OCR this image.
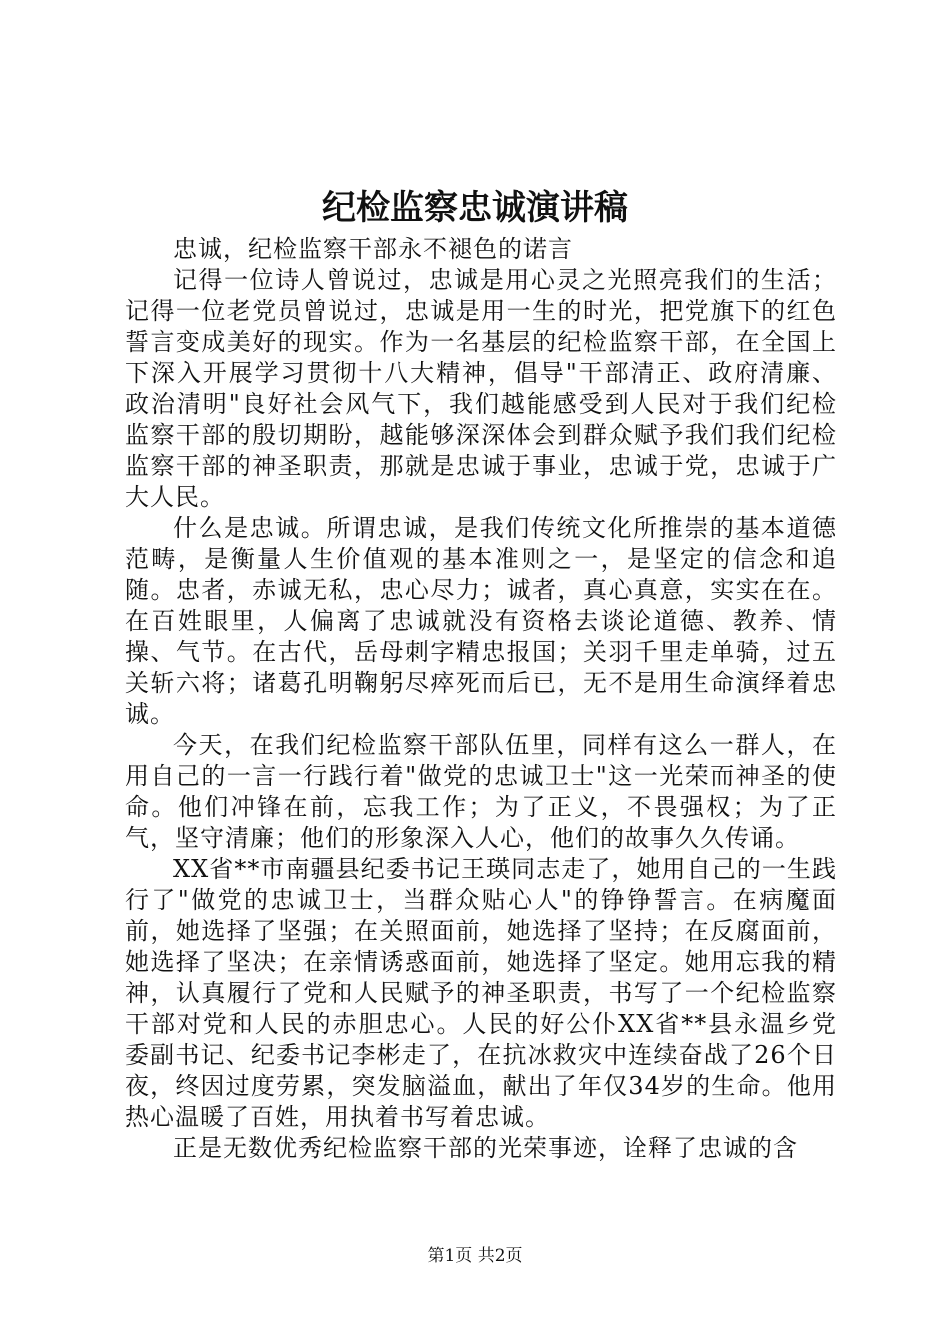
纪检监察忠诚演讲稿

忠诚，纪检监察干部永不褪色的诺言

记得一位诗人曾说过，忠诚是用心灵之光照亮我们的生活；记得一位老党员曾说过，忠诚是用一生的时光，把党旗下的红色誓言变成美好的现实。作为一名基层的纪检监察干部，在全国上下深入开展学习贯彻十八大精神，倡导"干部清正、政府清廉、政治清明"良好社会风气下，我们越能感受到人民对于我们纪检监察干部的殷切期盼，越能够深深体会到群众赋予我们我们纪检监察干部的神圣职责，那就是忠诚于事业，忠诚于党，忠诚于广大人民。

什么是忠诚。所谓忠诚，是我们传统文化所推崇的基本道德范畴，是衡量人生价值观的基本准则之一，是坚定的信念和追随。忠者，赤诚无私，忠心尽力；诚者，真心真意，实实在在。在百姓眼里，人偏离了忠诚就没有资格去谈论道德、教养、情操、气节。在古代，岳母刺字精忠报国；关羽千里走单骑，过五关斩六将；诸葛孔明鞠躬尽瘁死而后已，无不是用生命演绎着忠诚。

今天，在我们纪检监察干部队伍里，同样有这么一群人，在用自己的一言一行践行着"做党的忠诚卫士"这一光荣而神圣的使命。他们冲锋在前，忘我工作；为了正义，不畏强权；为了正气，坚守清廉；他们的形象深入人心，他们的故事久久传诵。

XX省**市南疆县纪委书记王瑛同志走了，她用自己的一生践行了"做党的忠诚卫士，当群众贴心人"的铮铮誓言。在病魔面前，她选择了坚强；在关照面前，她选择了坚持；在反腐面前，她选择了坚决；在亲情诱惑面前，她选择了坚定。她用忘我的精神，认真履行了党和人民赋予的神圣职责，书写了一个纪检监察干部对党和人民的赤胆忠心。人民的好公仆XX省**县永温乡党委副书记、纪委书记李彬走了，在抗冰救灾中连续奋战了26个日夜，终因过度劳累，突发脑溢血，献出了年仅34岁的生命。他用热心温暖了百姓，用执着书写着忠诚。

正是无数优秀纪检监察干部的光荣事迹，诠释了忠诚的含

第1页 共2页
